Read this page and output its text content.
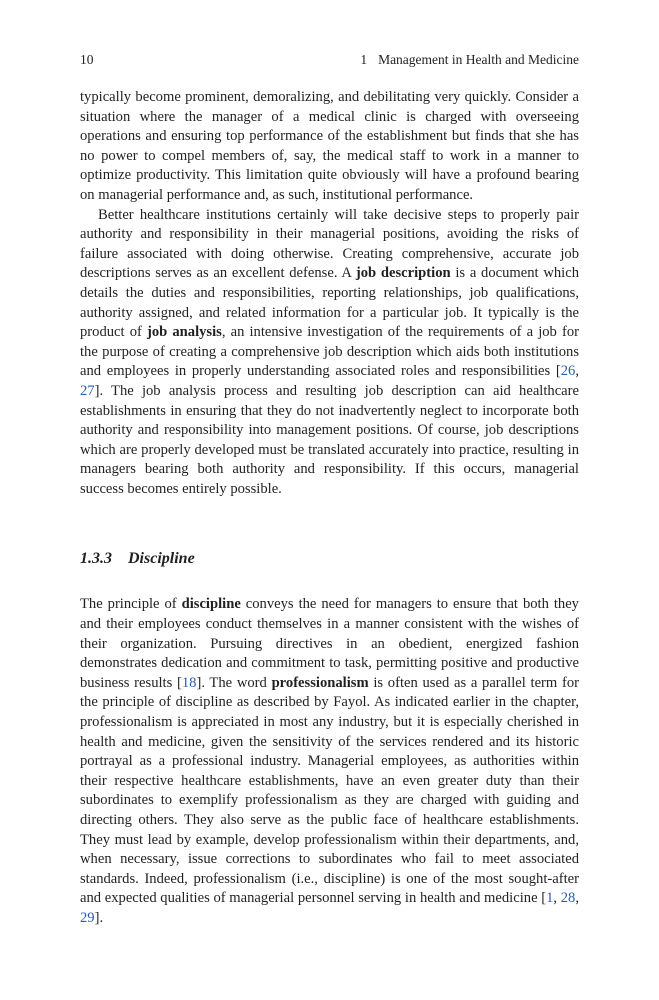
10	1 Management in Health and Medicine

typically become prominent, demoralizing, and debilitating very quickly. Consider a situation where the manager of a medical clinic is charged with overseeing operations and ensuring top performance of the establishment but finds that she has no power to compel members of, say, the medical staff to work in a manner to optimize productivity. This limitation quite obviously will have a profound bearing on managerial performance and, as such, institutional performance.

Better healthcare institutions certainly will take decisive steps to properly pair authority and responsibility in their managerial positions, avoiding the risks of failure associated with doing otherwise. Creating comprehensive, accurate job descriptions serves as an excellent defense. A job description is a document which details the duties and responsibilities, reporting relationships, job qualifications, authority assigned, and related information for a particular job. It typically is the product of job analysis, an intensive investigation of the requirements of a job for the purpose of creating a comprehensive job description which aids both institutions and employees in properly understanding associated roles and responsibilities [26, 27]. The job analysis process and resulting job description can aid healthcare establishments in ensuring that they do not inadvertently neglect to incorporate both authority and responsibility into management positions. Of course, job descriptions which are properly developed must be translated accurately into practice, resulting in managers bearing both authority and responsibility. If this occurs, managerial success becomes entirely possible.

1.3.3 Discipline

The principle of discipline conveys the need for managers to ensure that both they and their employees conduct themselves in a manner consistent with the wishes of their organization. Pursuing directives in an obedient, energized fashion demonstrates dedication and commitment to task, permitting positive and productive business results [18]. The word professionalism is often used as a parallel term for the principle of discipline as described by Fayol. As indicated earlier in the chapter, professionalism is appreciated in most any industry, but it is especially cherished in health and medicine, given the sensitivity of the services rendered and its historic portrayal as a professional industry. Managerial employees, as authorities within their respective healthcare establishments, have an even greater duty than their subordinates to exemplify professionalism as they are charged with guiding and directing others. They also serve as the public face of healthcare establishments. They must lead by example, develop professionalism within their departments, and, when necessary, issue corrections to subordinates who fail to meet associated standards. Indeed, professionalism (i.e., discipline) is one of the most sought-after and expected qualities of managerial personnel serving in health and medicine [1, 28, 29].
